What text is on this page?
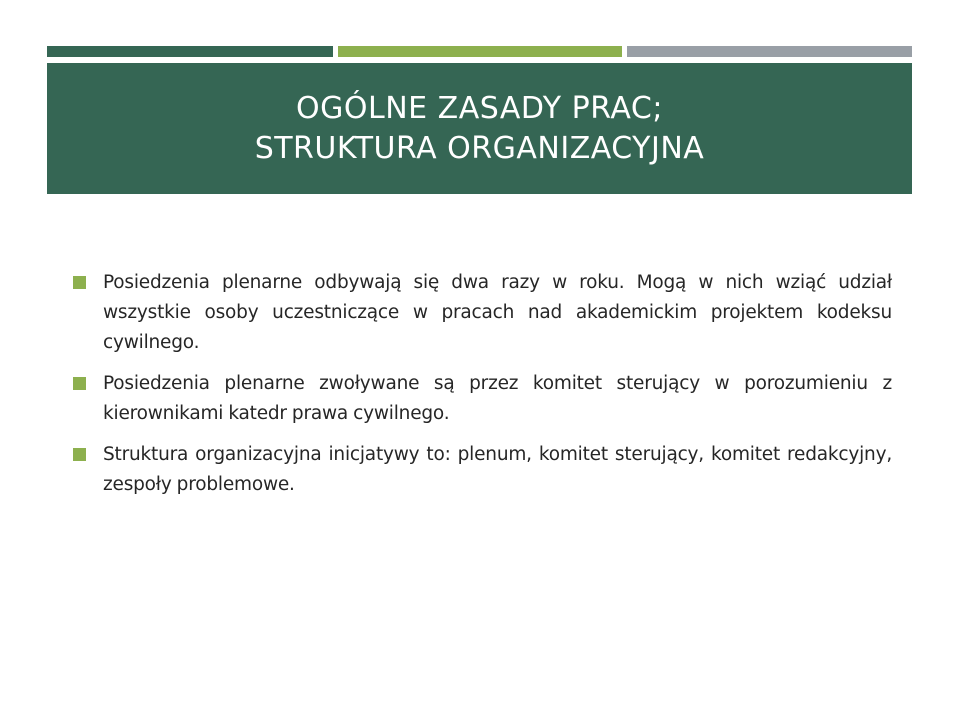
OGÓLNE ZASADY PRAC;
STRUKTURA ORGANIZACYJNA
Posiedzenia plenarne odbywają się dwa razy w roku. Mogą w nich wziąć udział wszystkie osoby uczestniczące w pracach nad akademickim projektem kodeksu cywilnego.
Posiedzenia plenarne zwoływane są przez komitet sterujący w porozumieniu z kierownikami katedr prawa cywilnego.
Struktura organizacyjna inicjatywy to: plenum, komitet sterujący, komitet redakcyjny, zespoły problemowe.
